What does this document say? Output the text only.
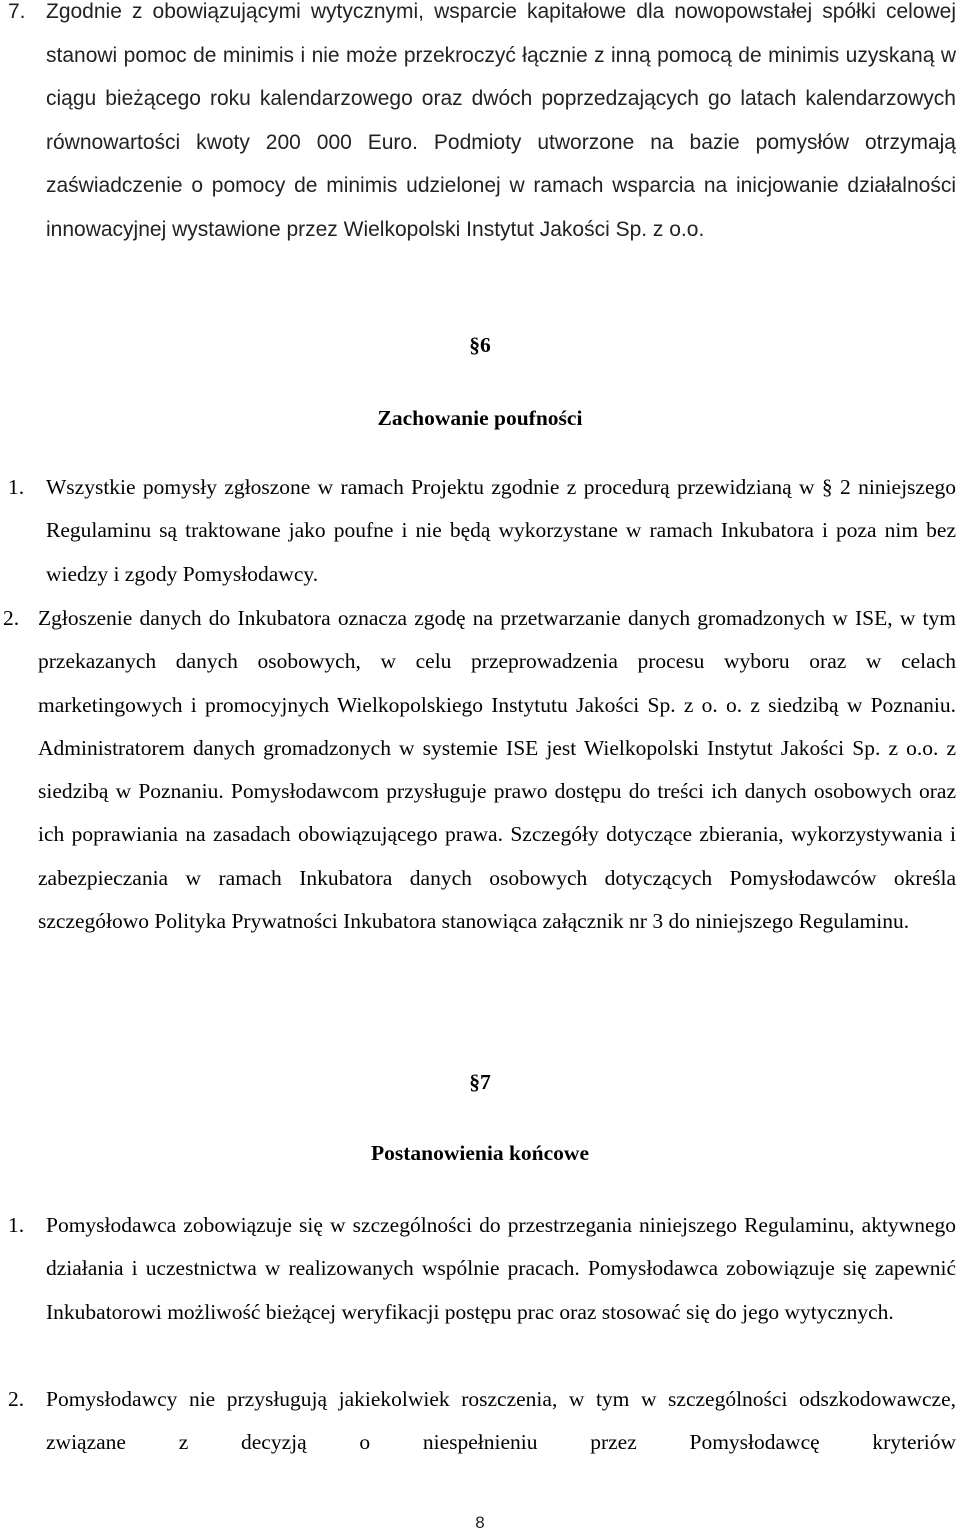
7. Zgodnie z obowiązującymi wytycznymi, wsparcie kapitałowe dla nowopowstałej spółki celowej stanowi pomoc de minimis i nie może przekroczyć łącznie z inną pomocą de minimis uzyskaną w ciągu bieżącego roku kalendarzowego oraz dwóch poprzedzających go latach kalendarzowych równowartości kwoty 200 000 Euro. Podmioty utworzone na bazie pomysłów otrzymają zaświadczenie o pomocy de minimis udzielonej w ramach wsparcia na inicjowanie działalności innowacyjnej wystawione przez Wielkopolski Instytut Jakości Sp. z o.o.

§6
Zachowanie poufności
1. Wszystkie pomysły zgłoszone w ramach Projektu zgodnie z procedurą przewidzianą w § 2 niniejszego Regulaminu są traktowane jako poufne i nie będą wykorzystane w ramach Inkubatora i poza nim bez wiedzy i zgody Pomysłodawcy.

2. Zgłoszenie danych do Inkubatora oznacza zgodę na przetwarzanie danych gromadzonych w ISE, w tym przekazanych danych osobowych, w celu przeprowadzenia procesu wyboru oraz w celach marketingowych i promocyjnych Wielkopolskiego Instytutu Jakości Sp. z o. o. z siedzibą w Poznaniu. Administratorem danych gromadzonych w systemie ISE jest Wielkopolski Instytut Jakości Sp. z o.o. z siedzibą w Poznaniu. Pomysłodawcom przysługuje prawo dostępu do treści ich danych osobowych oraz ich poprawiania na zasadach obowiązującego prawa. Szczegóły dotyczące zbierania, wykorzystywania i zabezpieczania w ramach Inkubatora danych osobowych dotyczących Pomysłodawców określa szczegółowo Polityka Prywatności Inkubatora stanowiąca załącznik nr 3 do niniejszego Regulaminu.

§7
Postanowienia końcowe
1. Pomysłodawca zobowiązuje się w szczególności do przestrzegania niniejszego Regulaminu, aktywnego działania i uczestnictwa w realizowanych wspólnie pracach. Pomysłodawca zobowiązuje się zapewnić Inkubatorowi możliwość bieżącej weryfikacji postępu prac oraz stosować się do jego wytycznych.

2. Pomysłodawcy nie przysługują jakiekolwiek roszczenia, w tym w szczególności odszkodowawcze, związane z decyzją o niespełnieniu przez Pomysłodawcę kryteriów

8
